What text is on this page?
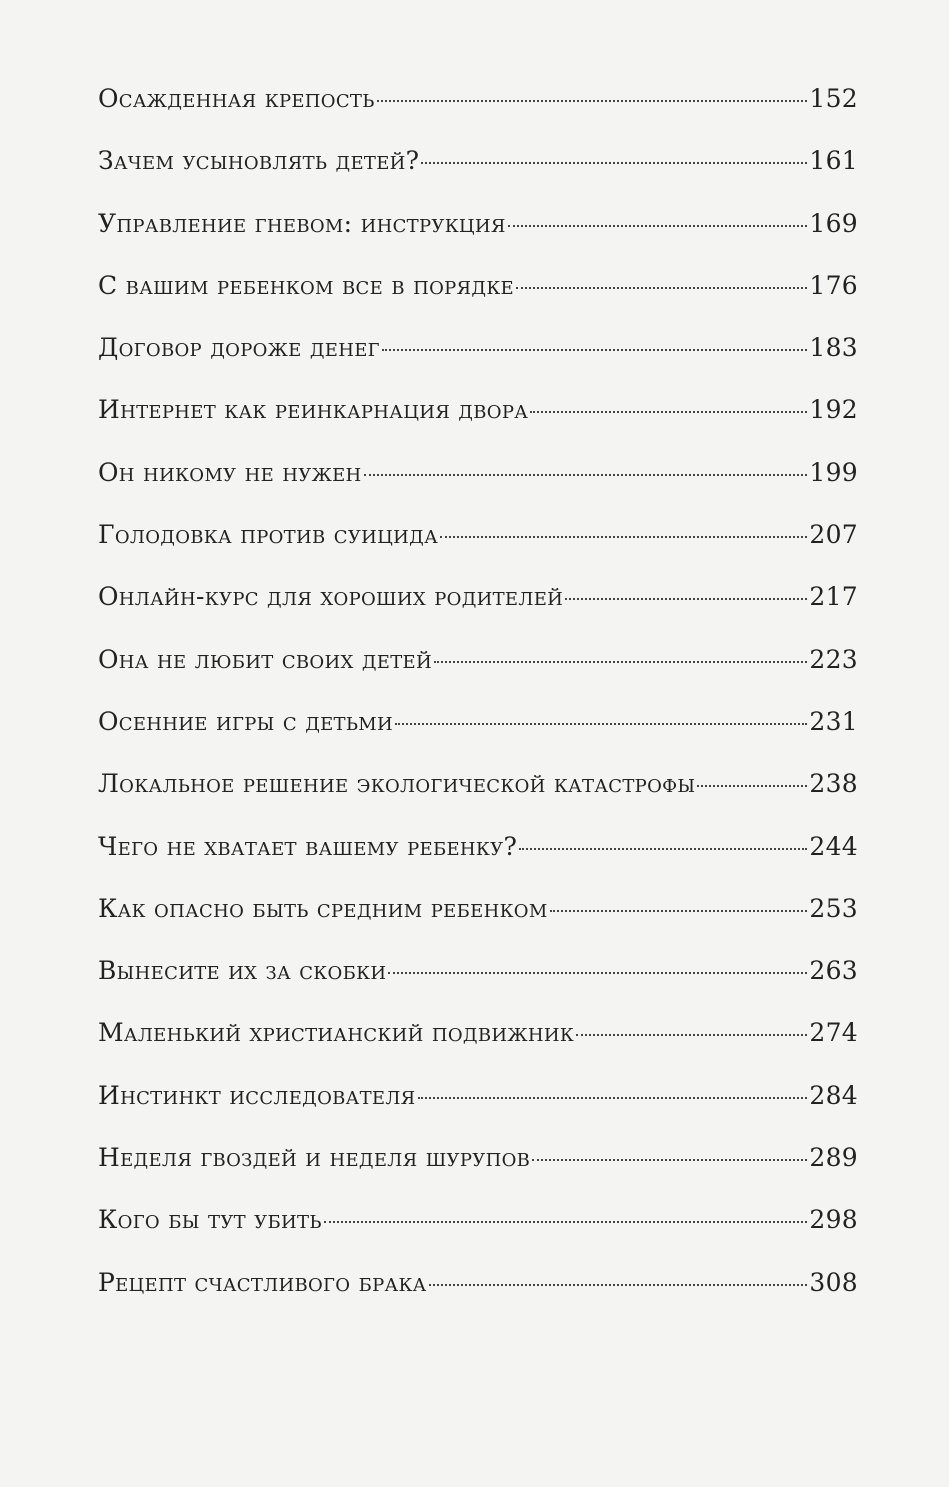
Осажденная крепость	152
Зачем усыновлять детей?	161
Управление гневом: инструкция	169
С вашим ребенком все в порядке	176
Договор дороже денег	183
Интернет как реинкарнация двора	192
Он никому не нужен	199
Голодовка против суицида	207
Онлайн-курс для хороших родителей	217
Она не любит своих детей	223
Осенние игры с детьми	231
Локальное решение экологической катастрофы	238
Чего не хватает вашему ребенку?	244
Как опасно быть средним ребенком	253
Вынесите их за скобки	263
Маленький христианский подвижник	274
Инстинкт исследователя	284
Неделя гвоздей и неделя шурупов	289
Кого бы тут убить	298
Рецепт счастливого брака	308
